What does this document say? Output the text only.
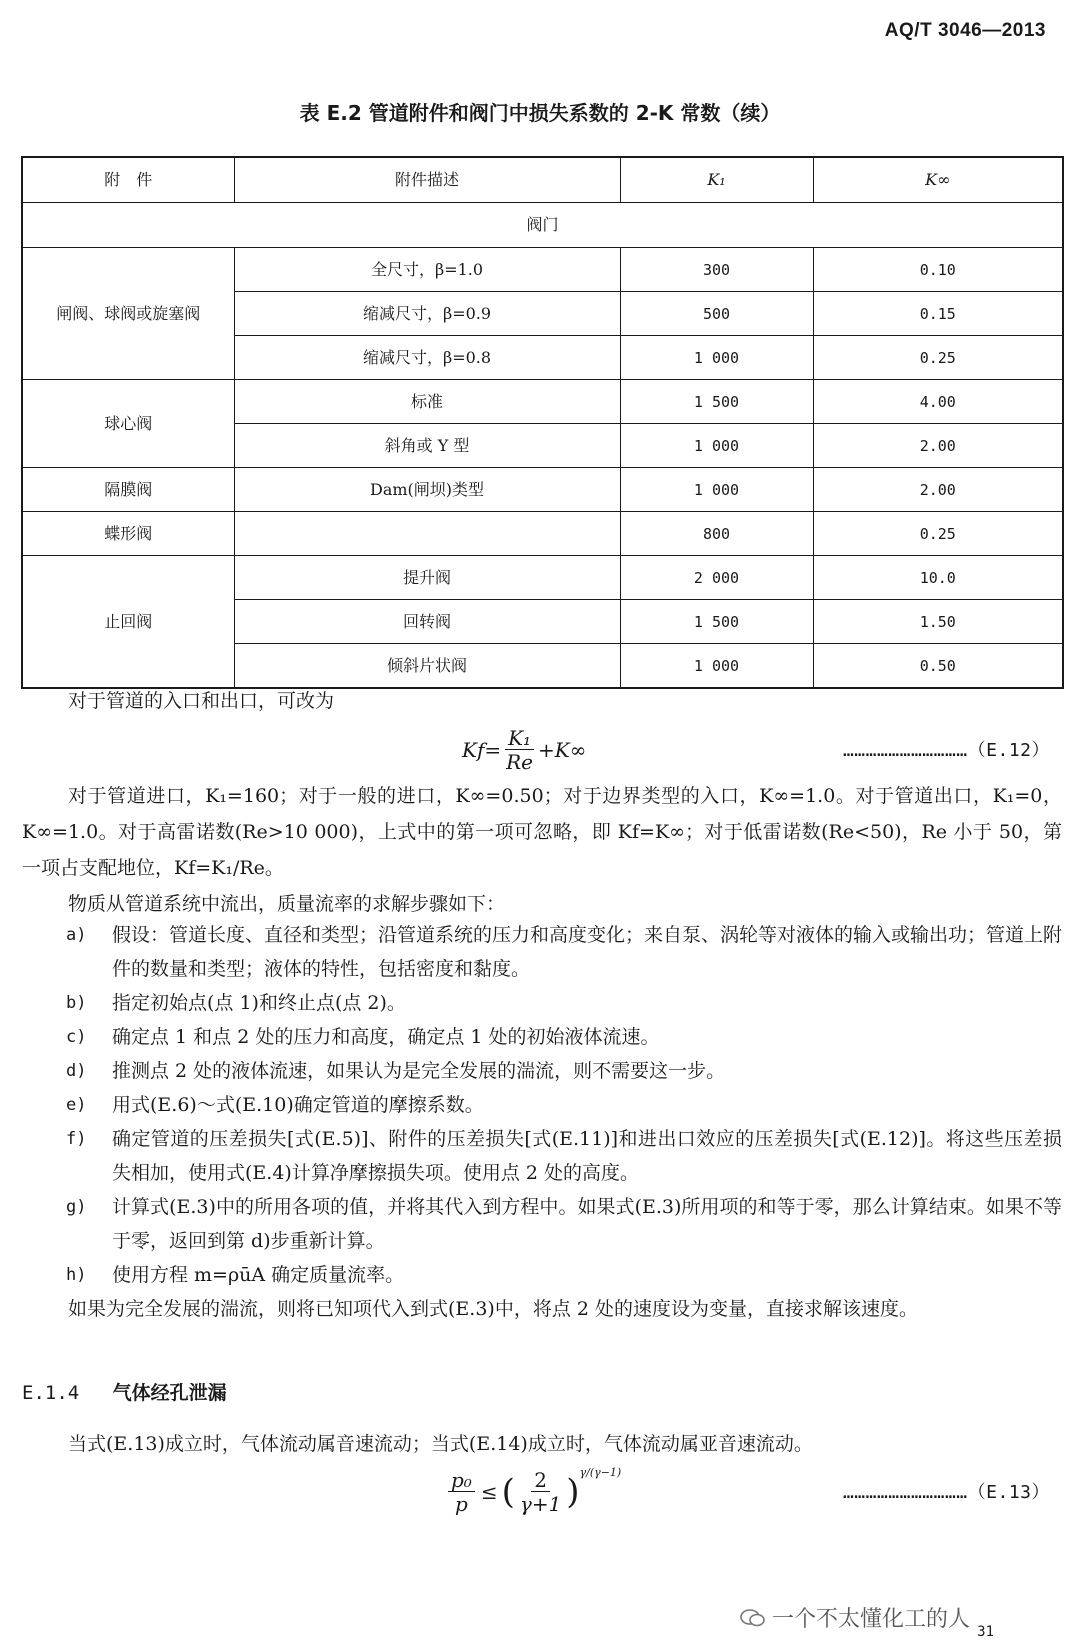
AQ/T 3046—2013
表 E.2 管道附件和阀门中损失系数的 2-K 常数（续）
附　件	附件描述	K₁	K∞
阀门			
闸阀、球阀或旋塞阀	全尺寸，β=1.0	300	0.10
	缩减尺寸，β=0.9	500	0.15
	缩减尺寸，β=0.8	1 000	0.25
球心阀	标准	1 500	4.00
	斜角或 Y 型	1 000	2.00
隔膜阀	Dam(闸坝)类型	1 000	2.00
蝶形阀		800	0.25
止回阀	提升阀	2 000	10.0
	回转阀	1 500	1.50
	倾斜片状阀	1 000	0.50

对于管道的入口和出口，可改为

$Kf= \frac{\text{K₁}}{Re} +K\infty$	……………………………（E.12）

对于管道进口，K₁=160；对于一般的进口，K∞=0.50；对于边界类型的入口，K∞=1.0。对于管道出口，K₁=0，K∞=1.0。对于高雷诺数(Re>10 000)，上式中的第一项可忽略，即 Kf=K∞；对于低雷诺数(Re<50)，Re 小于 50，第一项占支配地位，Kf=K₁/Re。

物质从管道系统中流出，质量流率的求解步骤如下：

a)	假设：管道长度、直径和类型；沿管道系统的压力和高度变化；来自泵、涡轮等对液体的输入或输出功；管道上附件的数量和类型；液体的特性，包括密度和黏度。
b)	指定初始点(点 1)和终止点(点 2)。
c)	确定点 1 和点 2 处的压力和高度，确定点 1 处的初始液体流速。
d)	推测点 2 处的液体流速，如果认为是完全发展的湍流，则不需要这一步。
e)	用式(E.6)～式(E.10)确定管道的摩擦系数。
f)	确定管道的压差损失[式(E.5)]、附件的压差损失[式(E.11)]和进出口效应的压差损失[式(E.12)]。将这些压差损失相加，使用式(E.4)计算净摩擦损失项。使用点 2 处的高度。
g)	计算式(E.3)中的所用各项的值，并将其代入到方程中。如果式(E.3)所用项的和等于零，那么计算结束。如果不等于零，返回到第 d)步重新计算。
h)	使用方程 m=ρūA 确定质量流率。

如果为完全发展的湍流，则将已知项代入到式(E.3)中，将点 2 处的速度设为变量，直接求解该速度。

E.1.4 气体经孔泄漏

当式(E.13)成立时，气体流动属音速流动；当式(E.14)成立时，气体流动属亚音速流动。

$\frac{\text{p₀}}{p}$ ≤ ( $\frac{2}{\gamma+1}$ ) γ/(γ−1)
……………………………（E.13）
一个不太懂化工的人 31
